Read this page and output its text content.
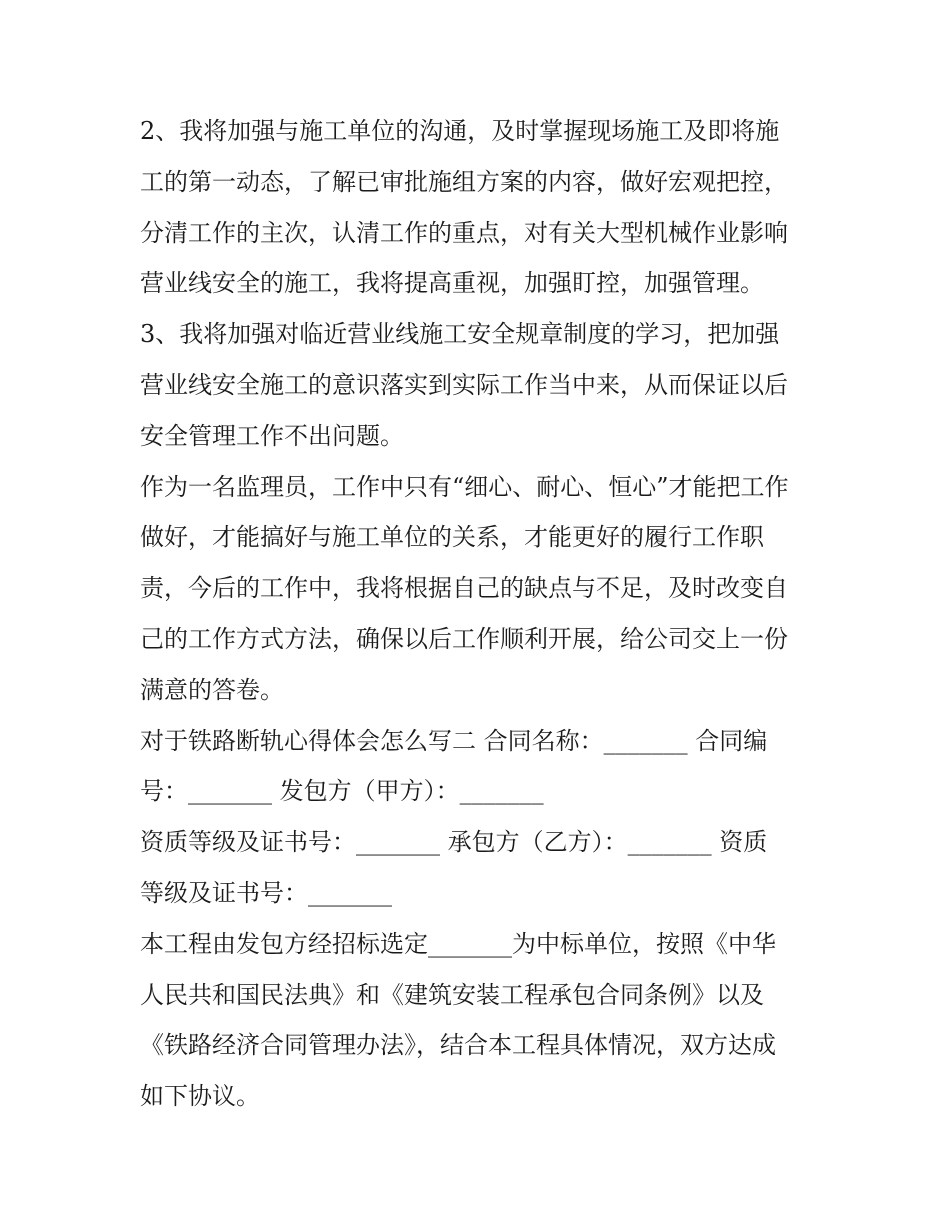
2、我将加强与施工单位的沟通，及时掌握现场施工及即将施
工的第一动态，了解已审批施组方案的内容，做好宏观把控，
分清工作的主次，认清工作的重点，对有关大型机械作业影响
营业线安全的施工，我将提高重视，加强盯控，加强管理。
3、我将加强对临近营业线施工安全规章制度的学习，把加强
营业线安全施工的意识落实到实际工作当中来，从而保证以后
安全管理工作不出问题。
作为一名监理员，工作中只有“细心、耐心、恒心”才能把工作
做好，才能搞好与施工单位的关系，才能更好的履行工作职
责，今后的工作中，我将根据自己的缺点与不足，及时改变自
己的工作方式方法，确保以后工作顺利开展，给公司交上一份
满意的答卷。
对于铁路断轨心得体会怎么写二 合同名称：_______ 合同编
号：_______ 发包方（甲方）：_______
资质等级及证书号：_______ 承包方（乙方）：_______ 资质
等级及证书号：_______
本工程由发包方经招标选定_______为中标单位，按照《中华
人民共和国民法典》和《建筑安装工程承包合同条例》以及
《铁路经济合同管理办法》，结合本工程具体情况，双方达成
如下协议。
